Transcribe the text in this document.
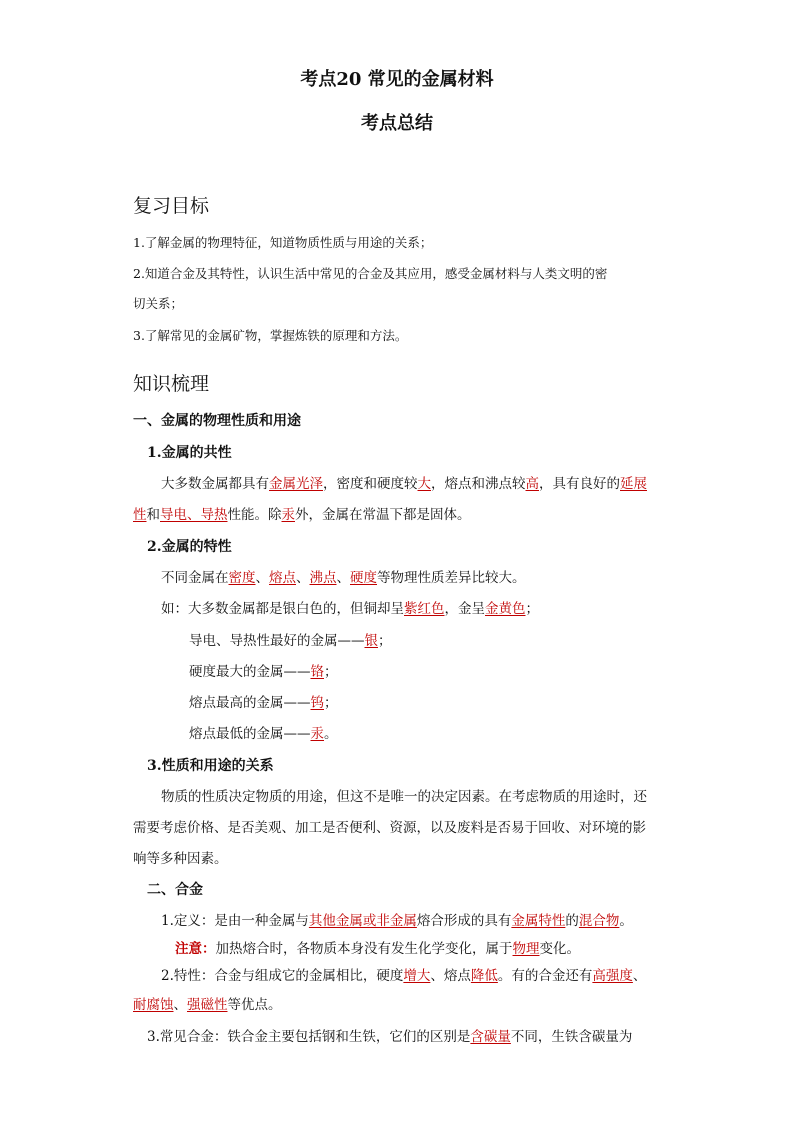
考点20 常见的金属材料
考点总结
复习目标
1.了解金属的物理特征，知道物质性质与用途的关系；
2.知道合金及其特性，认识生活中常见的合金及其应用，感受金属材料与人类文明的密
切关系；
3.了解常见的金属矿物，掌握炼铁的原理和方法。
知识梳理
一、金属的物理性质和用途
1.金属的共性
大多数金属都具有金属光泽，密度和硬度较大，熔点和沸点较高，具有良好的延展
性和导电、导热性能。除汞外，金属在常温下都是固体。
2.金属的特性
不同金属在密度、熔点、沸点、硬度等物理性质差异比较大。
如：大多数金属都是银白色的，但铜却呈紫红色，金呈金黄色；
导电、导热性最好的金属——银；
硬度最大的金属——铬；
熔点最高的金属——钨；
熔点最低的金属——汞。
3.性质和用途的关系
物质的性质决定物质的用途，但这不是唯一的决定因素。在考虑物质的用途时，还
需要考虑价格、是否美观、加工是否便利、资源，以及废料是否易于回收、对环境的影
响等多种因素。
二、合金
1.定义：是由一种金属与其他金属或非金属熔合形成的具有金属特性的混合物。
注意：加热熔合时，各物质本身没有发生化学变化，属于物理变化。
2.特性：合金与组成它的金属相比，硬度增大、熔点降低。有的合金还有高强度、
耐腐蚀、强磁性等优点。
3.常见合金：铁合金主要包括钢和生铁，它们的区别是含碳量不同，生铁含碳量为
